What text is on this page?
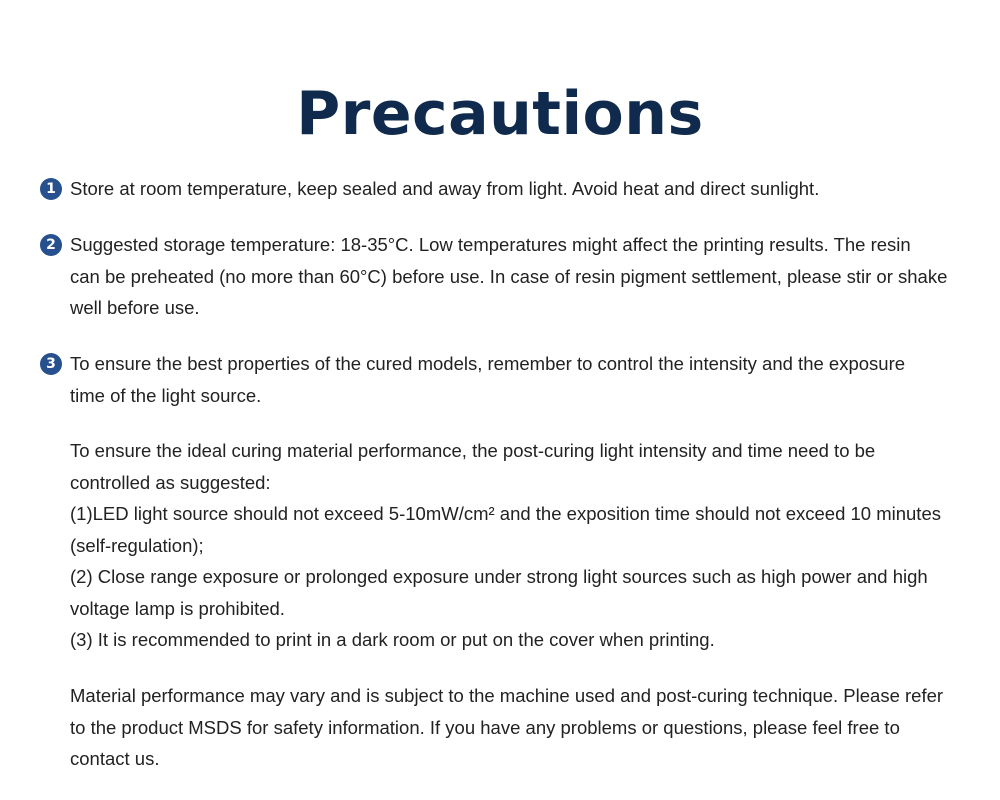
Precautions
1 Store at room temperature, keep sealed and away from light. Avoid heat and direct sunlight.
2 Suggested storage temperature: 18-35°C. Low temperatures might affect the printing results. The resin
can be preheated (no more than 60°C) before use. In case of resin pigment settlement, please stir or shake
well before use.
3 To ensure the best properties of the cured models, remember to control the intensity and the exposure
time of the light source.
To ensure the ideal curing material performance, the post-curing light intensity and time need to be
controlled as suggested:
(1)LED light source should not exceed 5-10mW/cm² and the exposition time should not exceed 10 minutes
(self-regulation);
(2) Close range exposure or prolonged exposure under strong light sources such as high power and high
voltage lamp is prohibited.
(3) It is recommended to print in a dark room or put on the cover when printing.
Material performance may vary and is subject to the machine used and post-curing technique. Please refer
to the product MSDS for safety information. If you have any problems or questions, please feel free to
contact us.
